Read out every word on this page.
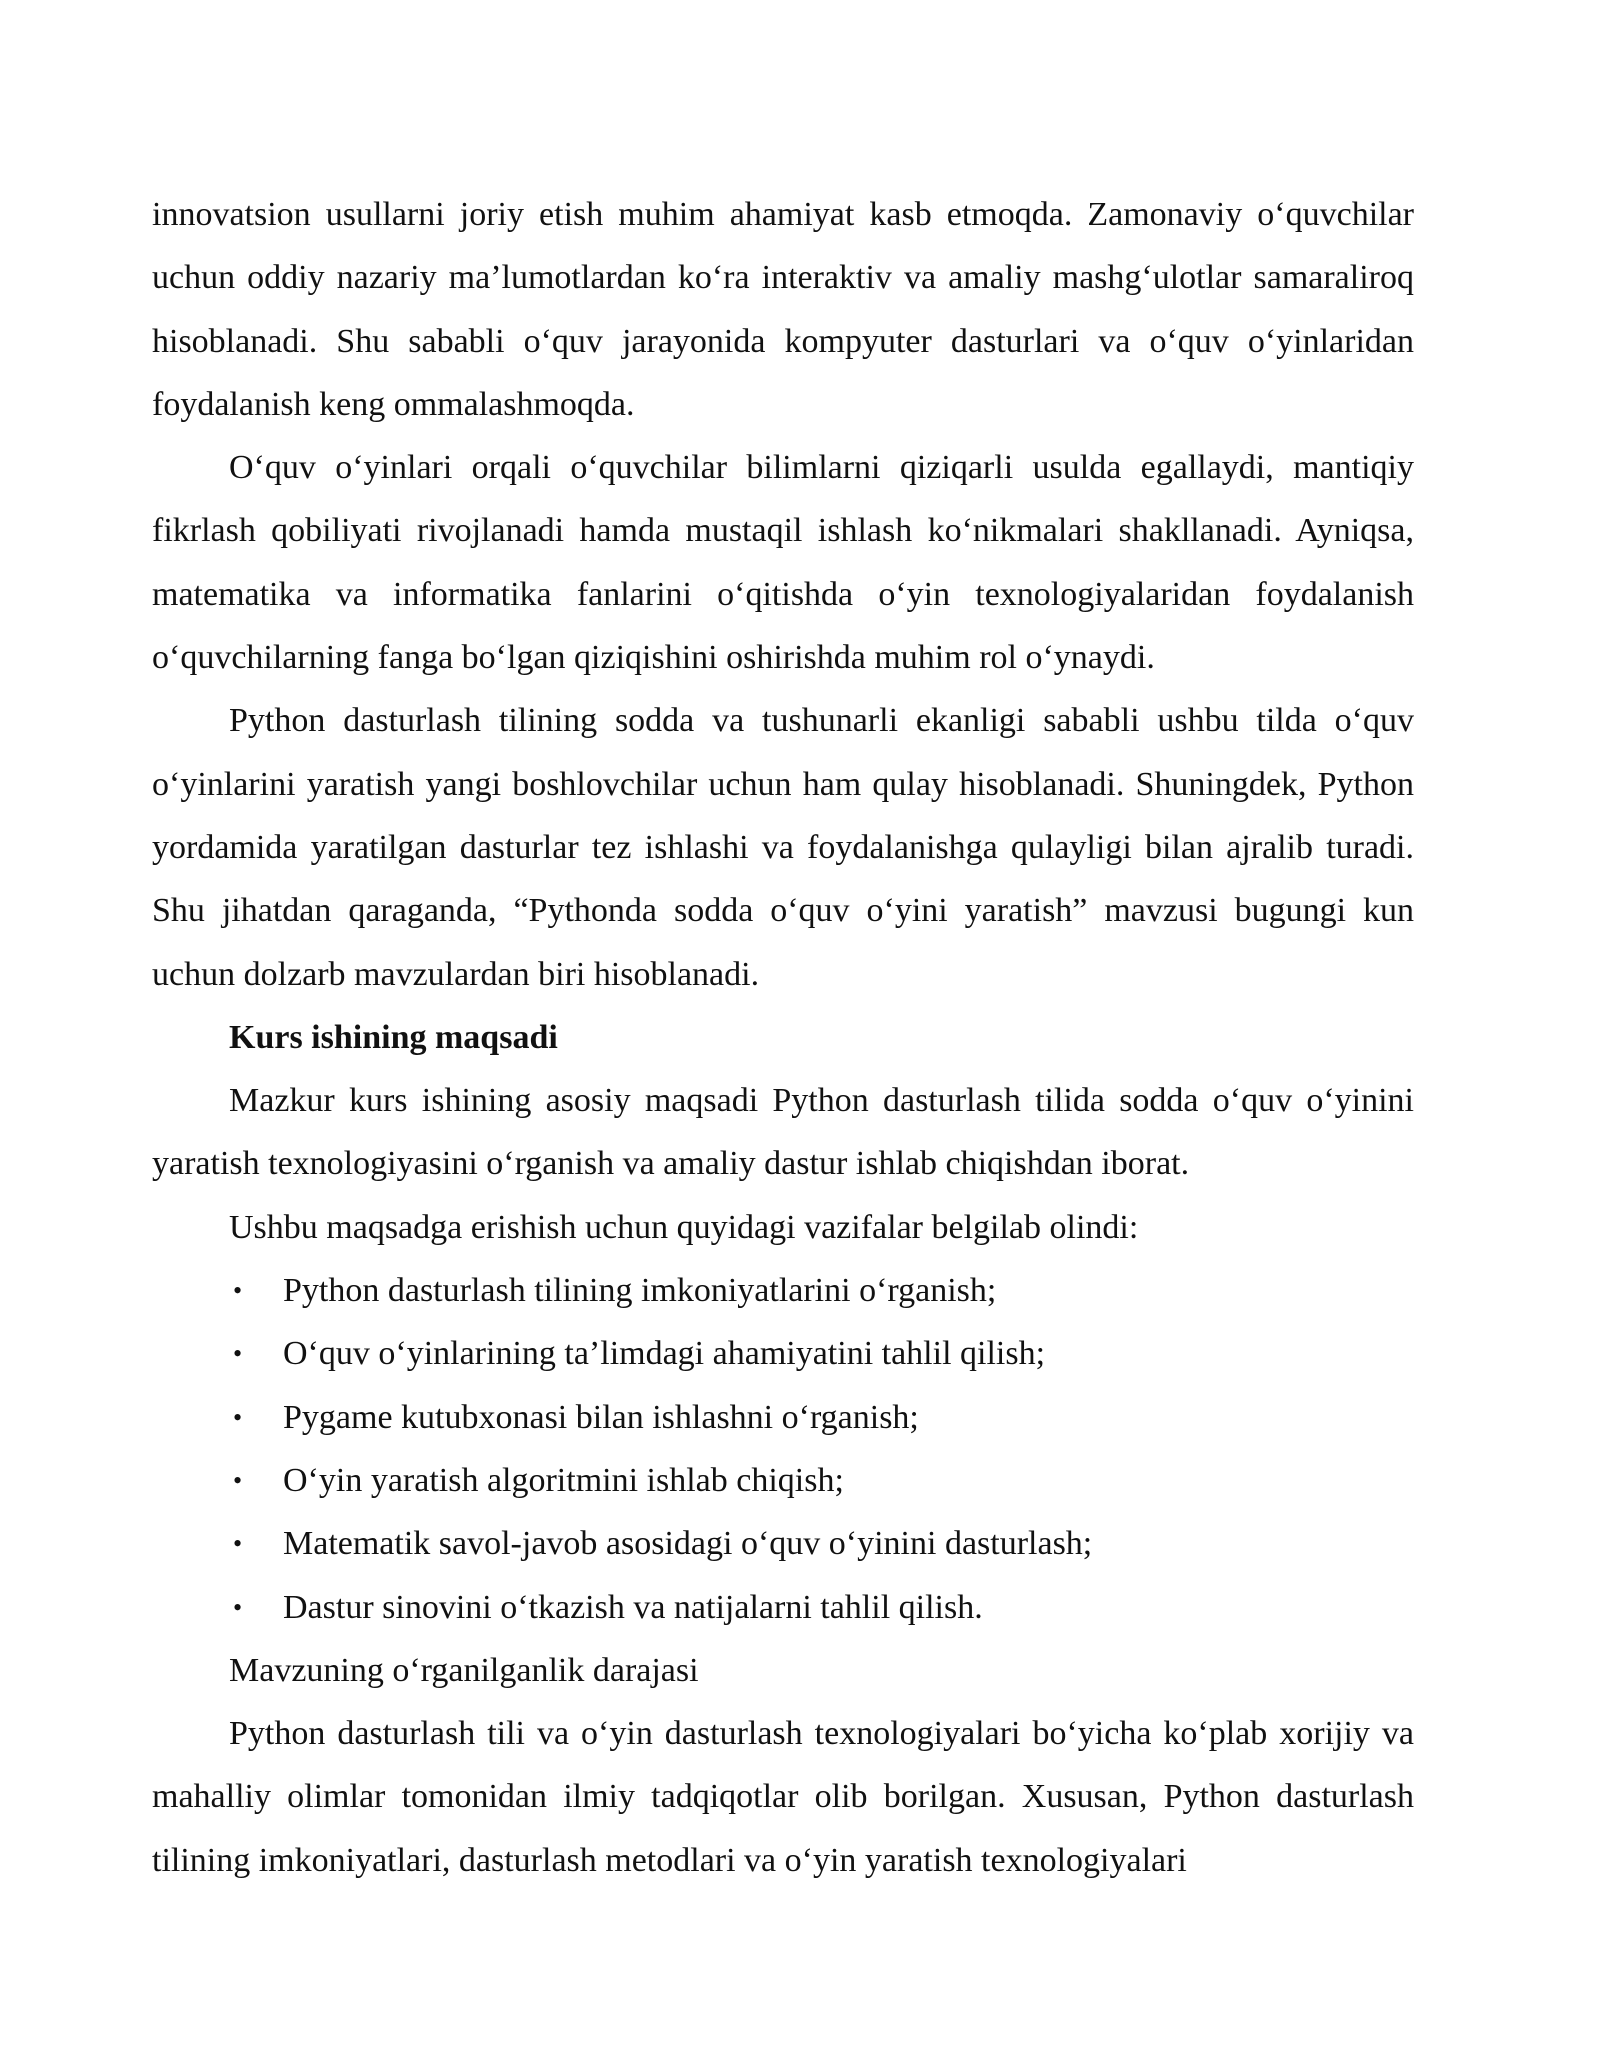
innovatsion usullarni joriy etish muhim ahamiyat kasb etmoqda. Zamonaviy o‘quvchilar uchun oddiy nazariy ma’lumotlardan ko‘ra interaktiv va amaliy mashg‘ulotlar samaraliroq hisoblanadi. Shu sababli o‘quv jarayonida kompyuter dasturlari va o‘quv o‘yinlaridan foydalanish keng ommalashmoqda.

O‘quv o‘yinlari orqali o‘quvchilar bilimlarni qiziqarli usulda egallaydi, mantiqiy fikrlash qobiliyati rivojlanadi hamda mustaqil ishlash ko‘nikmalari shakllanadi. Ayniqsa, matematika va informatika fanlarini o‘qitishda o‘yin texnologiyalaridan foydalanish o‘quvchilarning fanga bo‘lgan qiziqishini oshirishda muhim rol o‘ynaydi.

Python dasturlash tilining sodda va tushunarli ekanligi sababli ushbu tilda o‘quv o‘yinlarini yaratish yangi boshlovchilar uchun ham qulay hisoblanadi. Shuningdek, Python yordamida yaratilgan dasturlar tez ishlashi va foydalanishga qulayligi bilan ajralib turadi. Shu jihatdan qaraganda, “Pythonda sodda o‘quv o‘yini yaratish” mavzusi bugungi kun uchun dolzarb mavzulardan biri hisoblanadi.

Kurs ishining maqsadi

Mazkur kurs ishining asosiy maqsadi Python dasturlash tilida sodda o‘quv o‘yinini yaratish texnologiyasini o‘rganish va amaliy dastur ishlab chiqishdan iborat.

Ushbu maqsadga erishish uchun quyidagi vazifalar belgilab olindi:

• Python dasturlash tilining imkoniyatlarini o‘rganish;
• O‘quv o‘yinlarining ta’limdagi ahamiyatini tahlil qilish;
• Pygame kutubxonasi bilan ishlashni o‘rganish;
• O‘yin yaratish algoritmini ishlab chiqish;
• Matematik savol-javob asosidagi o‘quv o‘yinini dasturlash;
• Dastur sinovini o‘tkazish va natijalarni tahlil qilish.

Mavzuning o‘rganilganlik darajasi

Python dasturlash tili va o‘yin dasturlash texnologiyalari bo‘yicha ko‘plab xorijiy va mahalliy olimlar tomonidan ilmiy tadqiqotlar olib borilgan. Xususan, Python dasturlash tilining imkoniyatlari, dasturlash metodlari va o‘yin yaratish texnologiyalari
